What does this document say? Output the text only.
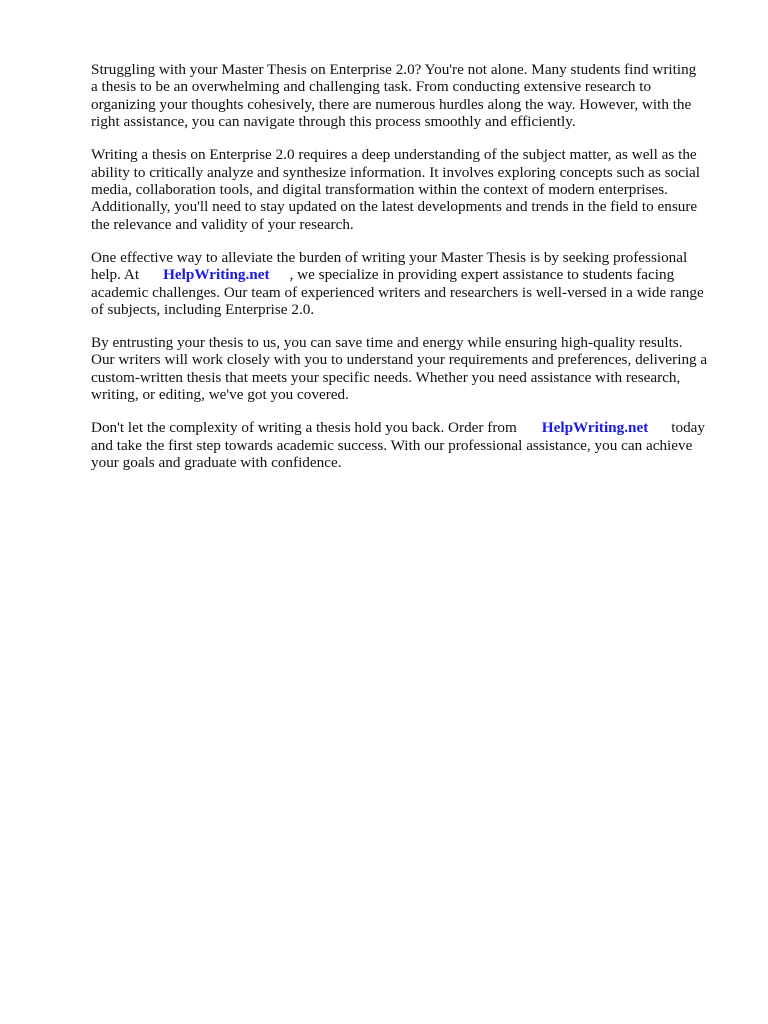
Struggling with your Master Thesis on Enterprise 2.0? You're not alone. Many students find writing
a thesis to be an overwhelming and challenging task. From conducting extensive research to
organizing your thoughts cohesively, there are numerous hurdles along the way. However, with the
right assistance, you can navigate through this process smoothly and efficiently.

Writing a thesis on Enterprise 2.0 requires a deep understanding of the subject matter, as well as the
ability to critically analyze and synthesize information. It involves exploring concepts such as social
media, collaboration tools, and digital transformation within the context of modern enterprises.
Additionally, you'll need to stay updated on the latest developments and trends in the field to ensure
the relevance and validity of your research.

One effective way to alleviate the burden of writing your Master Thesis is by seeking professional
help. At HelpWriting.net , we specialize in providing expert assistance to students facing
academic challenges. Our team of experienced writers and researchers is well-versed in a wide range
of subjects, including Enterprise 2.0.

By entrusting your thesis to us, you can save time and energy while ensuring high-quality results.
Our writers will work closely with you to understand your requirements and preferences, delivering a
custom-written thesis that meets your specific needs. Whether you need assistance with research,
writing, or editing, we've got you covered.

Don't let the complexity of writing a thesis hold you back. Order from HelpWriting.net today
and take the first step towards academic success. With our professional assistance, you can achieve
your goals and graduate with confidence.
